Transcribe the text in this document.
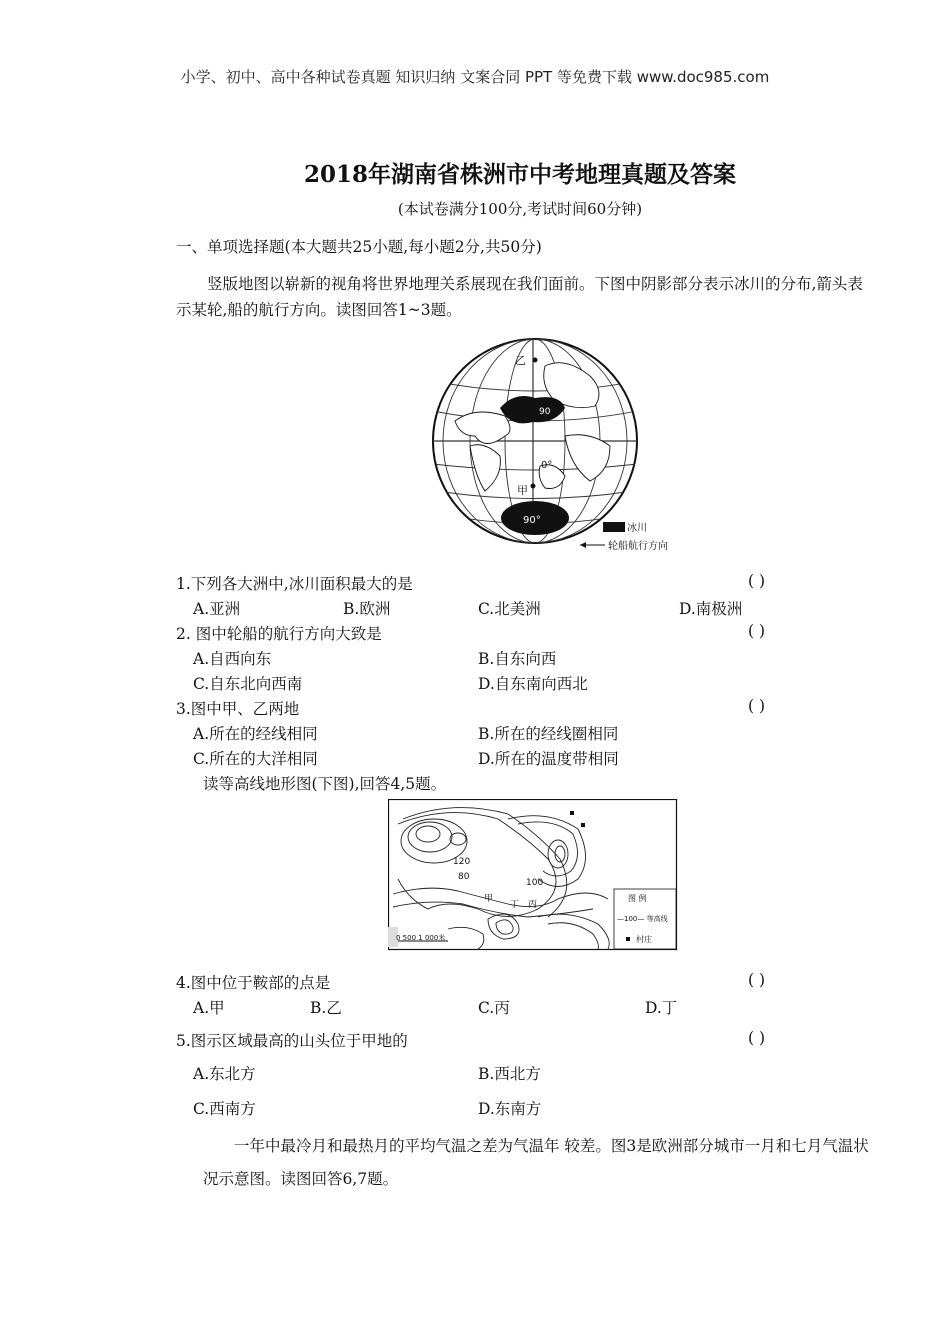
小学、初中、高中各种试卷真题 知识归纳 文案合同 PPT 等免费下载 www.doc985.com
2018年湖南省株洲市中考地理真题及答案
(本试卷满分100分,考试时间60分钟)
一、单项选择题(本大题共25小题,每小题2分,共50分)
竖版地图以崭新的视角将世界地理关系展现在我们面前。下图中阴影部分表示冰川的分布,箭头表示某轮,船的航行方向。读图回答1~3题。
乙
甲
90
0°
90°
冰川
轮船航行方向
1.下列各大洲中,冰川面积最大的是	( )
A.亚洲	B.欧洲	C.北美洲	D.南极洲
2. 图中轮船的航行方向大致是	( )
A.自西向东	B.自东向西
C.自东北向西南	D.自东南向西北
3.图中甲、乙两地	( )
A.所在的经线相同	B.所在的经线圈相同
C.所在的大洋相同	D.所在的温度带相同
读等高线地形图(下图),回答4,5题。
120
80
100
甲
丁 丙
0 500 1 000米
图 例
—100— 等高线
村庄
4.图中位于鞍部的点是	( )
A.甲	B.乙	C.丙	D.丁
5.图示区域最高的山头位于甲地的	( )
A.东北方	B.西北方
C.西南方	D.东南方
一年中最冷月和最热月的平均气温之差为气温年 较差。图3是欧洲部分城市一月和七月气温状况示意图。读图回答6,7题。
